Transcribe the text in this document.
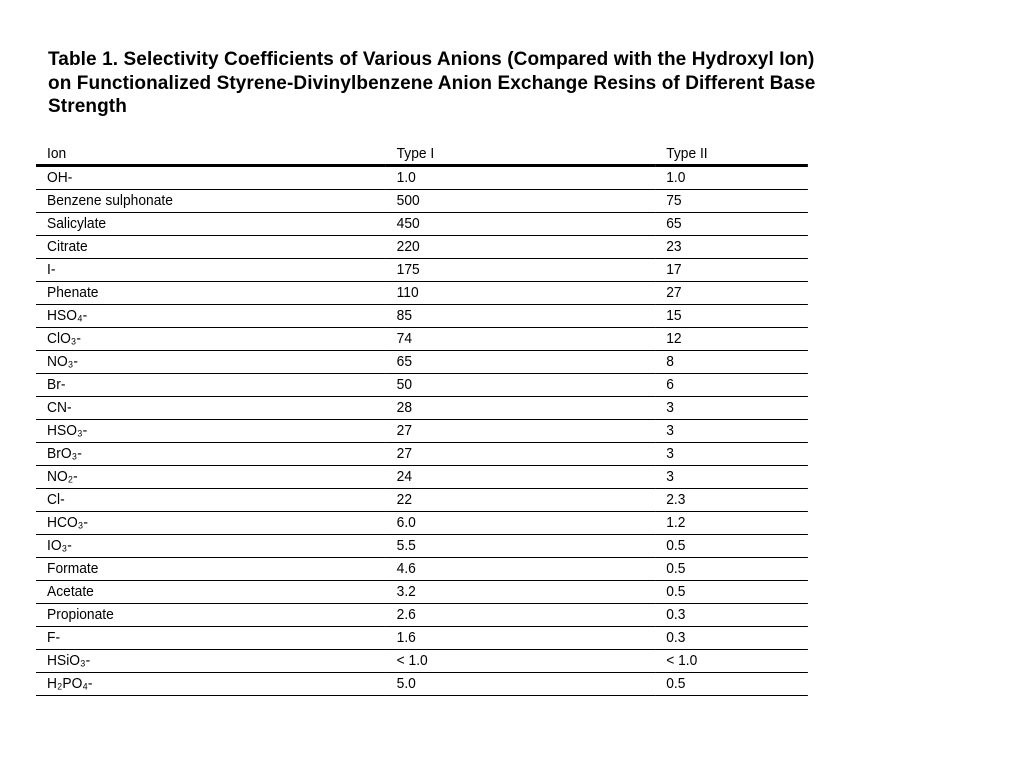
Table 1. Selectivity Coefficients of Various Anions (Compared with the Hydroxyl Ion) on Functionalized Styrene-Divinylbenzene Anion Exchange Resins of Different Base Strength
Ion	Type I	Type II
OH-	1.0	1.0
Benzene sulphonate	500	75
Salicylate	450	65
Citrate	220	23
I-	175	17
Phenate	110	27
HSO₄-	85	15
ClO₃-	74	12
NO₃-	65	8
Br-	50	6
CN-	28	3
HSO₃-	27	3
BrO₃-	27	3
NO₂-	24	3
Cl-	22	2.3
HCO₃-	6.0	1.2
IO₃-	5.5	0.5
Formate	4.6	0.5
Acetate	3.2	0.5
Propionate	2.6	0.3
F-	1.6	0.3
HSiO₃-	< 1.0	< 1.0
H₂PO₄-	5.0	0.5
